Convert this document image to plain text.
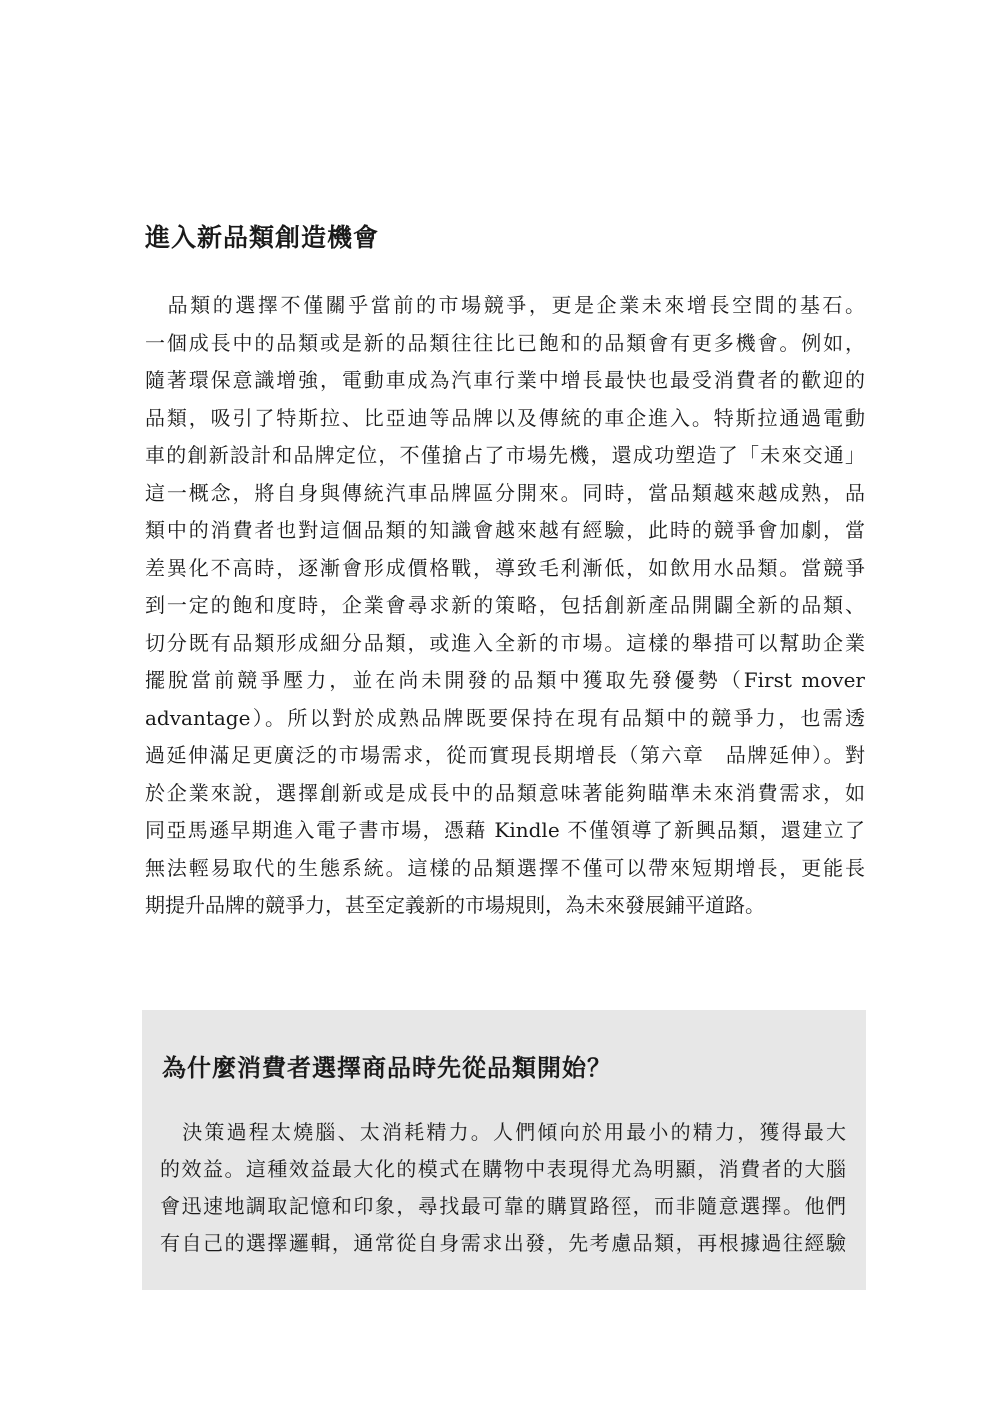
進入新品類創造機會
　品類的選擇不僅關乎當前的市場競爭，更是企業未來增長空間的基石。
一個成長中的品類或是新的品類往往比已飽和的品類會有更多機會。例如，
隨著環保意識增強，電動車成為汽車行業中增長最快也最受消費者的歡迎的
品類，吸引了特斯拉、比亞迪等品牌以及傳統的車企進入。特斯拉通過電動
車的創新設計和品牌定位，不僅搶占了市場先機，還成功塑造了「未來交通」
這一概念，將自身與傳統汽車品牌區分開來。同時，當品類越來越成熟，品
類中的消費者也對這個品類的知識會越來越有經驗，此時的競爭會加劇，當
差異化不高時，逐漸會形成價格戰，導致毛利漸低，如飲用水品類。當競爭
到一定的飽和度時，企業會尋求新的策略，包括創新產品開闢全新的品類、
切分既有品類形成細分品類，或進入全新的市場。這樣的舉措可以幫助企業
擺脫當前競爭壓力，並在尚未開發的品類中獲取先發優勢（First mover
advantage）。所以對於成熟品牌既要保持在現有品類中的競爭力，也需透
過延伸滿足更廣泛的市場需求，從而實現長期增長（第六章　品牌延伸）。對
於企業來說，選擇創新或是成長中的品類意味著能夠瞄準未來消費需求，如
同亞馬遜早期進入電子書市場，憑藉 Kindle 不僅領導了新興品類，還建立了
無法輕易取代的生態系統。這樣的品類選擇不僅可以帶來短期增長，更能長
期提升品牌的競爭力，甚至定義新的市場規則，為未來發展鋪平道路。
為什麼消費者選擇商品時先從品類開始？
　決策過程太燒腦、太消耗精力。人們傾向於用最小的精力，獲得最大
的效益。這種效益最大化的模式在購物中表現得尤為明顯，消費者的大腦
會迅速地調取記憶和印象，尋找最可靠的購買路徑，而非隨意選擇。他們
有自己的選擇邏輯，通常從自身需求出發，先考慮品類，再根據過往經驗
